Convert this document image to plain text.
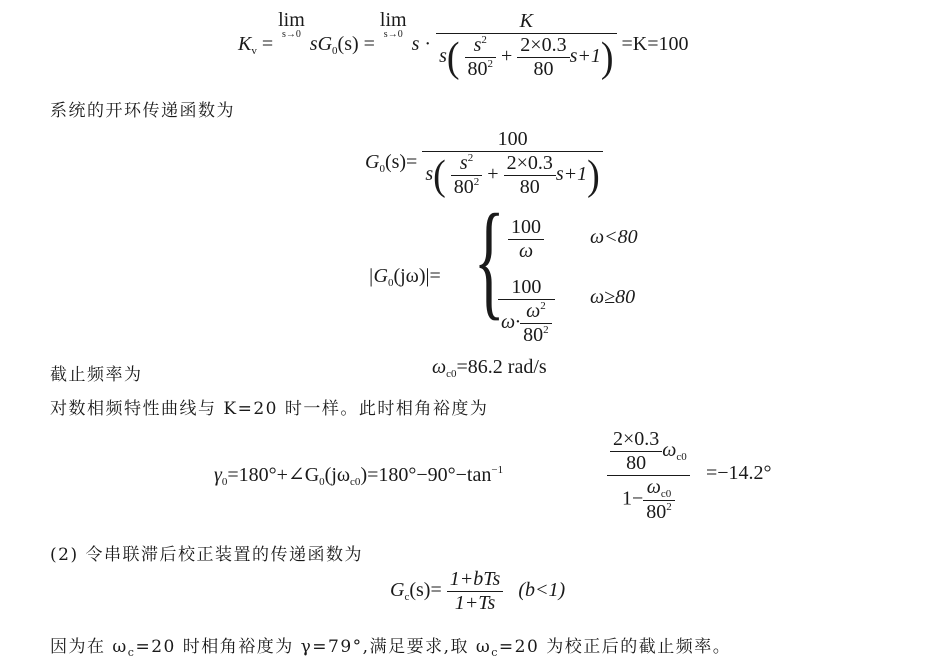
$K_v = \lim$
s→0 $sG_0(s) = \lim$
s→0 $s \cdot \frac{K}{s( \frac{s^2}{80^2} + \frac{2\times 0.3}{80} s+1)} =K=100$
系统的开环传递函数为
$G_0(s)= \frac{100}{s( \frac{s^2}{80^2} + \frac{2\times 0.3}{80} s+1)}$
$|G_0(j\omega)|=$ { $\frac{100}{\omega} \omega<80$
$\frac{100}{\omega\cdot \frac{\omega^2}{80^2}} \omega\ge 80$
截止频率为	$\omega_{c0}=86.2$ rad/s
对数相频特性曲线与 K=20 时一样。此时相角裕度为
$\gamma_0=180^\circ+\angle G_0(j\omega_{c0})=180^\circ-90^\circ-\tan^{-1}$	$\frac{\frac{2\times 0.3}{80} \omega_{c0}}{1- \frac{\omega_{c0}}{80^2}} =-14.2^\circ$
(2) 令串联滞后校正装置的传递函数为
$G_c(s)= \frac{\text{1+bTs}}{1+Ts} (b<1)$
因为在 $\omega_c=20$ 时相角裕度为 γ=79°,满足要求,取 $\omega_c=20$ 为校正后的截止频率。
